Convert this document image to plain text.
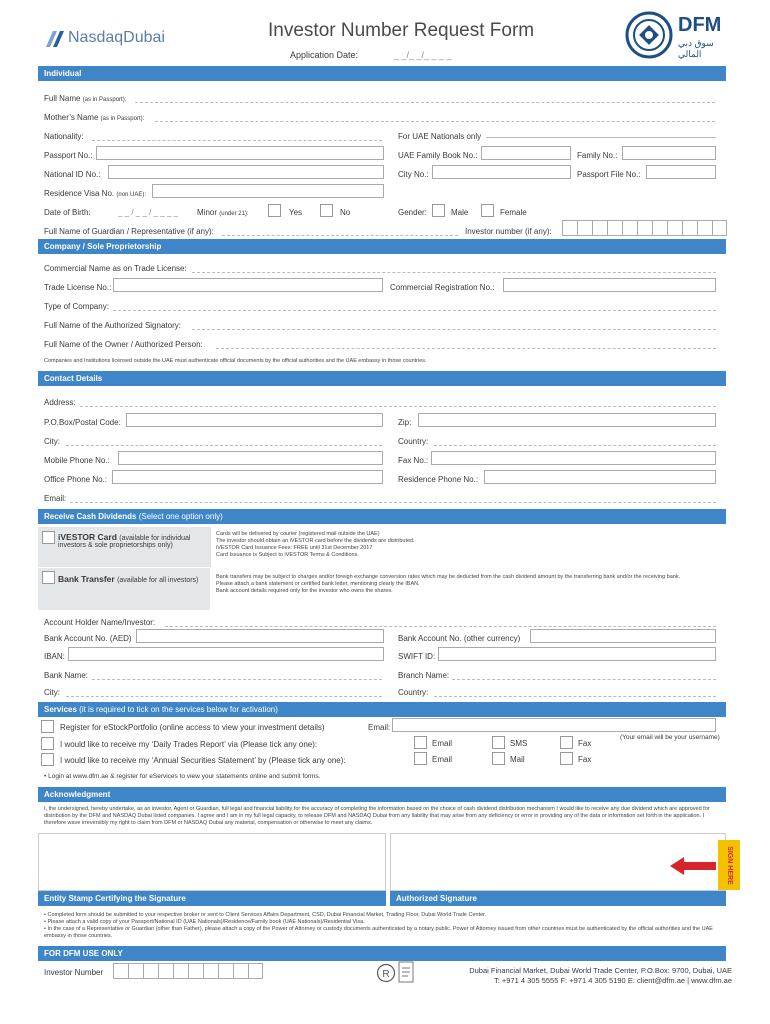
NasdaqDubai	Investor Number Request Form
Application Date:	_ _/_ _/_ _ _ _
DFM
سوق دبي المالي
Individual
Full Name (as in Passport):
Mother’s Name (as in Passport):
Nationality:	For UAE Nationals only
Passport No.:	UAE Family Book No.:	Family No.:
National ID No.:	City No.:	Passport File No.:
Residence Visa No. (non UAE):
Date of Birth:	_ _ / _ _ / _ _ _ _ Minor (under 21):	Yes	No	Gender:	Male	Female
Full Name of Guardian / Representative (if any):	Investor number (if any):
Company / Sole Proprietorship
Commercial Name as on Trade License:
Trade License No.:	Commercial Registration No.:
Type of Company:
Full Name of the Authorized Signatory:
Full Name of the Owner / Authorized Person:
Companies and Institutions licensed outside the UAE must authenticate official documents by the official authorities and the UAE embassy in those countries.
Contact Details
Address:
P.O.Box/Postal Code:	Zip:
City:	Country:
Mobile Phone No.:	Fax No.:
Office Phone No.:	Residence Phone No.:
Email:
Receive Cash Dividends (Select one option only)
iVESTOR Card (available for individual
investors & sole proprietorships only)
Cards will be delivered by courier (registered mail outside the UAE)
The investor should obtain an iVESTOR card before the dividends are distributed.
iVESTOR Card Issuance Fees: FREE until 31st December 2017
Card Issuance is Subject to iVESTOR Terms & Conditions.
Bank Transfer (available for all investors)	Bank transfers may be subject to charges and/or foreign exchange conversion rates which may be deducted from the cash dividend amount by the transferring bank and/or the receiving bank.
Please attach a bank statement or certified bank letter, mentioning clearly the IBAN.
Bank account details required only for the investor who owns the shares.
Account Holder Name/Investor:
Bank Account No. (AED)	Bank Account No. (other currency)
IBAN:	SWIFT ID:
Bank Name:	Branch Name:
City:	Country:
Services (it is required to tick on the services below for activation)
Register for eStockPortfolio (online access to view your investment details)	Email:
I would like to receive my ‘Daily Trades Report’ via (Please tick any one):	Email	SMS	Fax
(Your email will be your username)
I would like to receive my ‘Annual Securities Statement’ by (Please tick any one):	Email	Mail	Fax
• Login at www.dfm.ae & register for eServices to view your statements online and submit forms.
Acknowledgment
I, the undersigned, hereby undertake, as an investor, Agent or Guardian, full legal and financial liability for the accuracy of completing the information based on the choice of cash dividend distribution mechanism I would like to receive any due dividend which are approved for distribution by the DFM and NASDAQ Dubai listed companies. I agree and I am in my full legal capacity, to release DFM and NASDAQ Dubai from any liability that may arise from any deficiency or error in providing any of the data or information set forth in the application. I therefore wave irreversibly my right to claim from DFM or NASDAQ Dubai any material, compensation or otherwise to meet any claims.
SIGN HERE
Entity Stamp Certifying the Signature	Authorized Signature
• Completed form should be submitted to your respective broker or sent to Client Services Affairs Department, CSD, Dubai Financial Market, Trading Floor, Dubai World Trade Center.
• Please attach a valid copy of your Passport/National ID (UAE Nationals)/Residence/Family book (UAE Nationals)/Residential Visa.
• In the case of a Representative or Guardian (other than Father), please attach a copy of the Power of Attorney or custody documents authenticated by a notary public. Power of Attorney issued from other countries must be authenticated by the official authorities and the UAE embassy in those countries.
FOR DFM USE ONLY
Investor Number	R	Dubai Financial Market, Dubai World Trade Center, P.O.Box: 9700, Dubai, UAE
T: +971 4 305 5555 F: +971 4 305 5190 E: client@dfm.ae | www.dfm.ae
